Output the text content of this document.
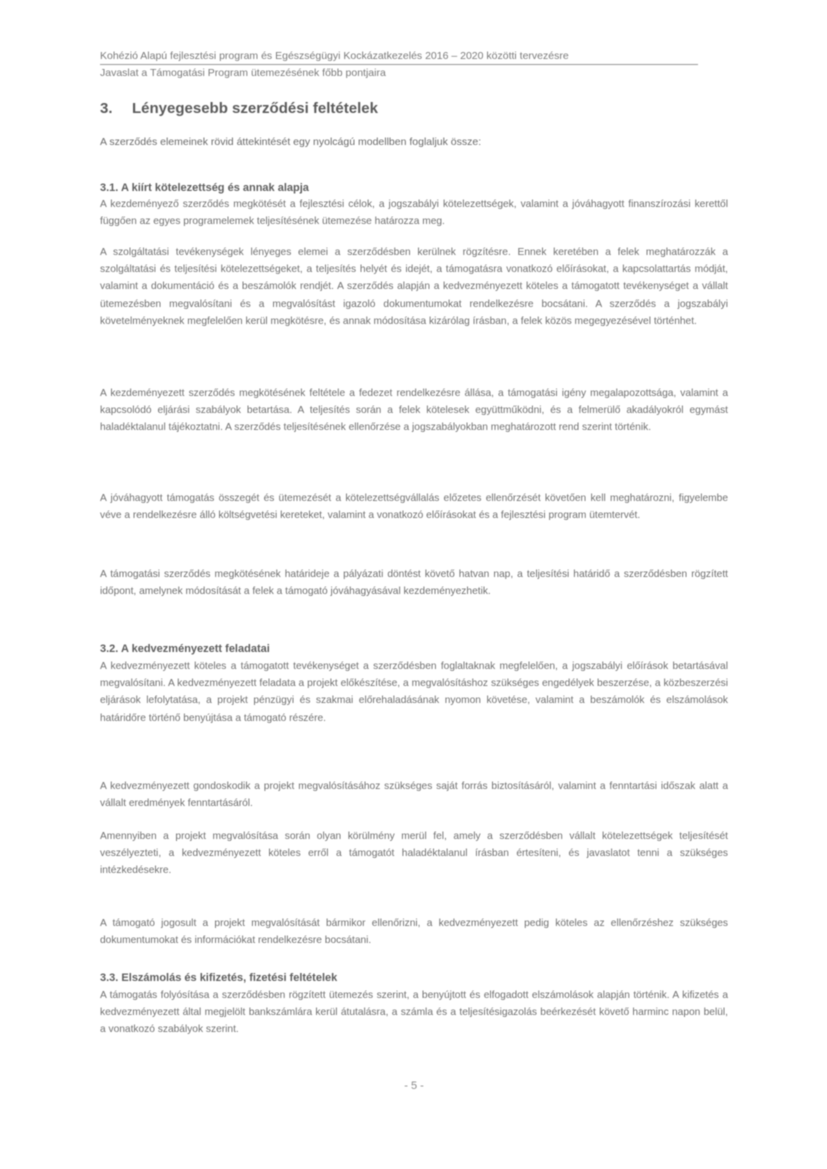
Kohézió Alapú fejlesztési program és Egészségügyi Kockázatkezelés 2016 – 2020 közötti tervezésre
Javaslat a Támogatási Program ütemezésének főbb pontjaira
3. Lényegesebb szerződési feltételek
A szerződés elemeinek rövid áttekintését egy nyolcágú modellben foglaljuk össze:
3.1. A kiírt kötelezettség és annak alapja
A kezdeményező szerződés megkötését a fejlesztési célok, a jogszabályi kötelezettségek, valamint a jóváhagyott finanszírozási kerettől függően az egyes programelemek teljesítésének ütemezése határozza meg.
A szolgáltatási tevékenységek lényeges elemei a szerződésben kerülnek rögzítésre. Ennek keretében a felek meghatározzák a szolgáltatási és teljesítési kötelezettségeket, a teljesítés helyét és idejét, a támogatásra vonatkozó előírásokat, a kapcsolattartás módját, valamint a dokumentáció és a beszámolók rendjét. A szerződés alapján a kedvezményezett köteles a támogatott tevékenységet a vállalt ütemezésben megvalósítani és a megvalósítást igazoló dokumentumokat rendelkezésre bocsátani. A szerződés a jogszabályi követelményeknek megfelelően kerül megkötésre, és annak módosítása kizárólag írásban, a felek közös megegyezésével történhet.
A kezdeményezett szerződés megkötésének feltétele a fedezet rendelkezésre állása, a támogatási igény megalapozottsága, valamint a kapcsolódó eljárási szabályok betartása. A teljesítés során a felek kötelesek együttműködni, és a felmerülő akadályokról egymást haladéktalanul tájékoztatni. A szerződés teljesítésének ellenőrzése a jogszabályokban meghatározott rend szerint történik.
A jóváhagyott támogatás összegét és ütemezését a kötelezettségvállalás előzetes ellenőrzését követően kell meghatározni, figyelembe véve a rendelkezésre álló költségvetési kereteket, valamint a vonatkozó előírásokat és a fejlesztési program ütemtervét.
A támogatási szerződés megkötésének határideje a pályázati döntést követő hatvan nap, a teljesítési határidő a szerződésben rögzített időpont, amelynek módosítását a felek a támogató jóváhagyásával kezdeményezhetik.
3.2. A kedvezményezett feladatai
A kedvezményezett köteles a támogatott tevékenységet a szerződésben foglaltaknak megfelelően, a jogszabályi előírások betartásával megvalósítani. A kedvezményezett feladata a projekt előkészítése, a megvalósításhoz szükséges engedélyek beszerzése, a közbeszerzési eljárások lefolytatása, a projekt pénzügyi és szakmai előrehaladásának nyomon követése, valamint a beszámolók és elszámolások határidőre történő benyújtása a támogató részére.
A kedvezményezett gondoskodik a projekt megvalósításához szükséges saját forrás biztosításáról, valamint a fenntartási időszak alatt a vállalt eredmények fenntartásáról.
Amennyiben a projekt megvalósítása során olyan körülmény merül fel, amely a szerződésben vállalt kötelezettségek teljesítését veszélyezteti, a kedvezményezett köteles erről a támogatót haladéktalanul írásban értesíteni, és javaslatot tenni a szükséges intézkedésekre.
A támogató jogosult a projekt megvalósítását bármikor ellenőrizni, a kedvezményezett pedig köteles az ellenőrzéshez szükséges dokumentumokat és információkat rendelkezésre bocsátani.
3.3. Elszámolás és kifizetés, fizetési feltételek
A támogatás folyósítása a szerződésben rögzített ütemezés szerint, a benyújtott és elfogadott elszámolások alapján történik. A kifizetés a kedvezményezett által megjelölt bankszámlára kerül átutalásra, a számla és a teljesítésigazolás beérkezését követő harminc napon belül, a vonatkozó szabályok szerint.
- 5 -
